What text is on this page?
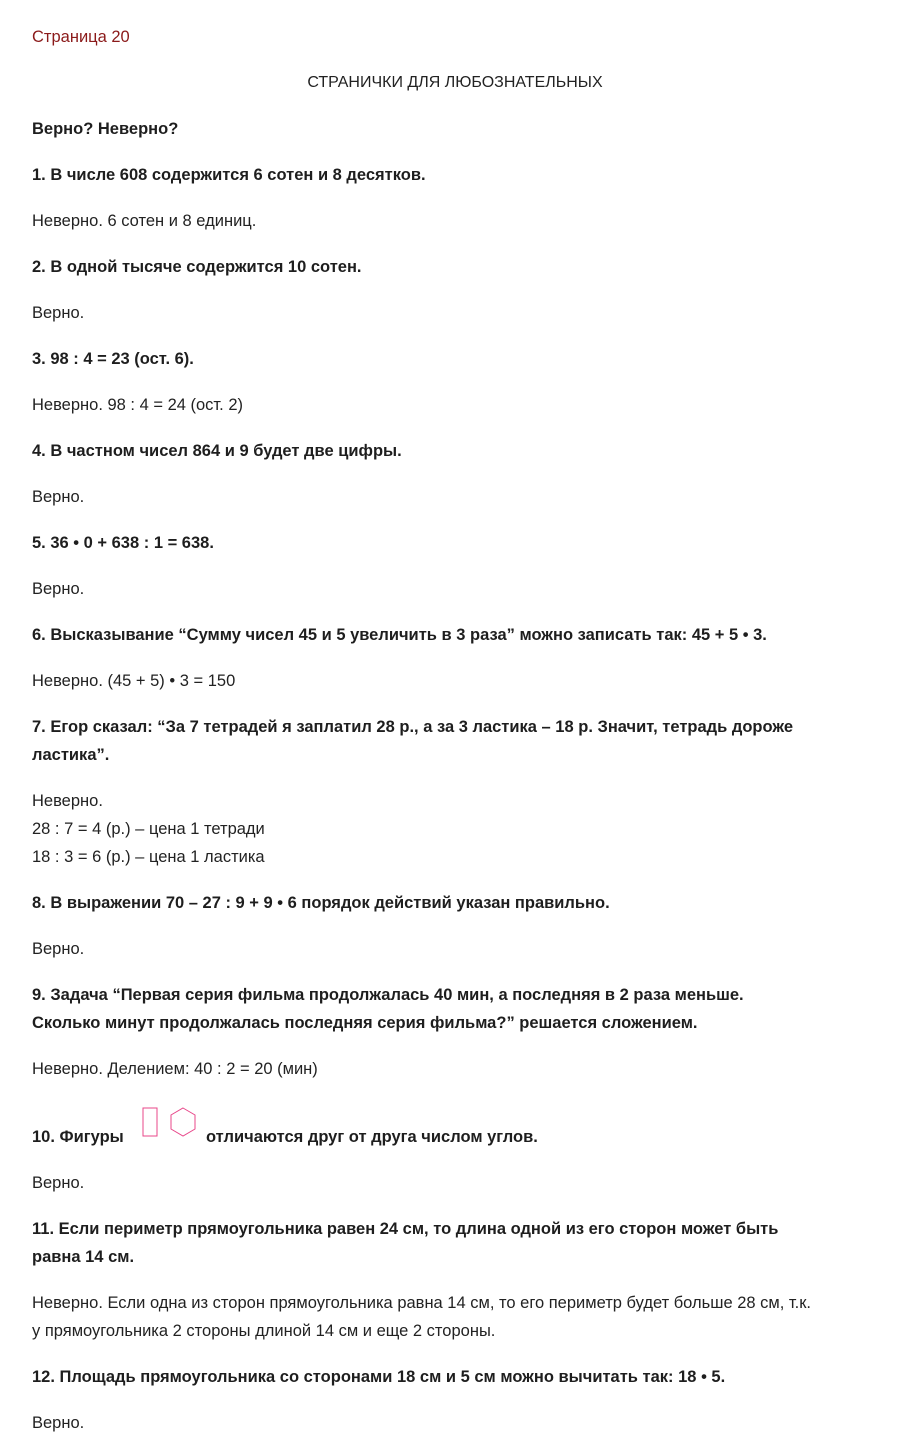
Страница 20
СТРАНИЧКИ ДЛЯ ЛЮБОЗНАТЕЛЬНЫХ
Верно? Неверно?
1. В числе 608 содержится 6 сотен и 8 десятков.
Неверно. 6 сотен и 8 единиц.
2. В одной тысяче содержится 10 сотен.
Верно.
3. 98 : 4 = 23 (ост. 6).
Неверно. 98 : 4 = 24 (ост. 2)
4. В частном чисел 864 и 9 будет две цифры.
Верно.
5. 36 • 0 + 638 : 1 = 638.
Верно.
6. Высказывание “Сумму чисел 45 и 5 увеличить в 3 раза” можно записать так: 45 + 5 • 3.
Неверно. (45 + 5) • 3 = 150
7. Егор сказал: “За 7 тетрадей я заплатил 28 р., а за 3 ластика – 18 р. Значит, тетрадь дороже
ластика”.
Неверно.
28 : 7 = 4 (р.) – цена 1 тетради
18 : 3 = 6 (р.) – цена 1 ластика
8. В выражении 70 – 27 : 9 + 9 • 6 порядок действий указан правильно.
Верно.
9. Задача “Первая серия фильма продолжалась 40 мин, а последняя в 2 раза меньше.
Сколько минут продолжалась последняя серия фильма?” решается сложением.
Неверно. Делением: 40 : 2 = 20 (мин)
10. Фигуры	отличаются друг от друга числом углов.
Верно.
11. Если периметр прямоугольника равен 24 см, то длина одной из его сторон может быть
равна 14 см.
Неверно. Если одна из сторон прямоугольника равна 14 см, то его периметр будет больше 28 см, т.к.
у прямоугольника 2 стороны длиной 14 см и еще 2 стороны.
12. Площадь прямоугольника со сторонами 18 см и 5 см можно вычитать так: 18 • 5.
Верно.
